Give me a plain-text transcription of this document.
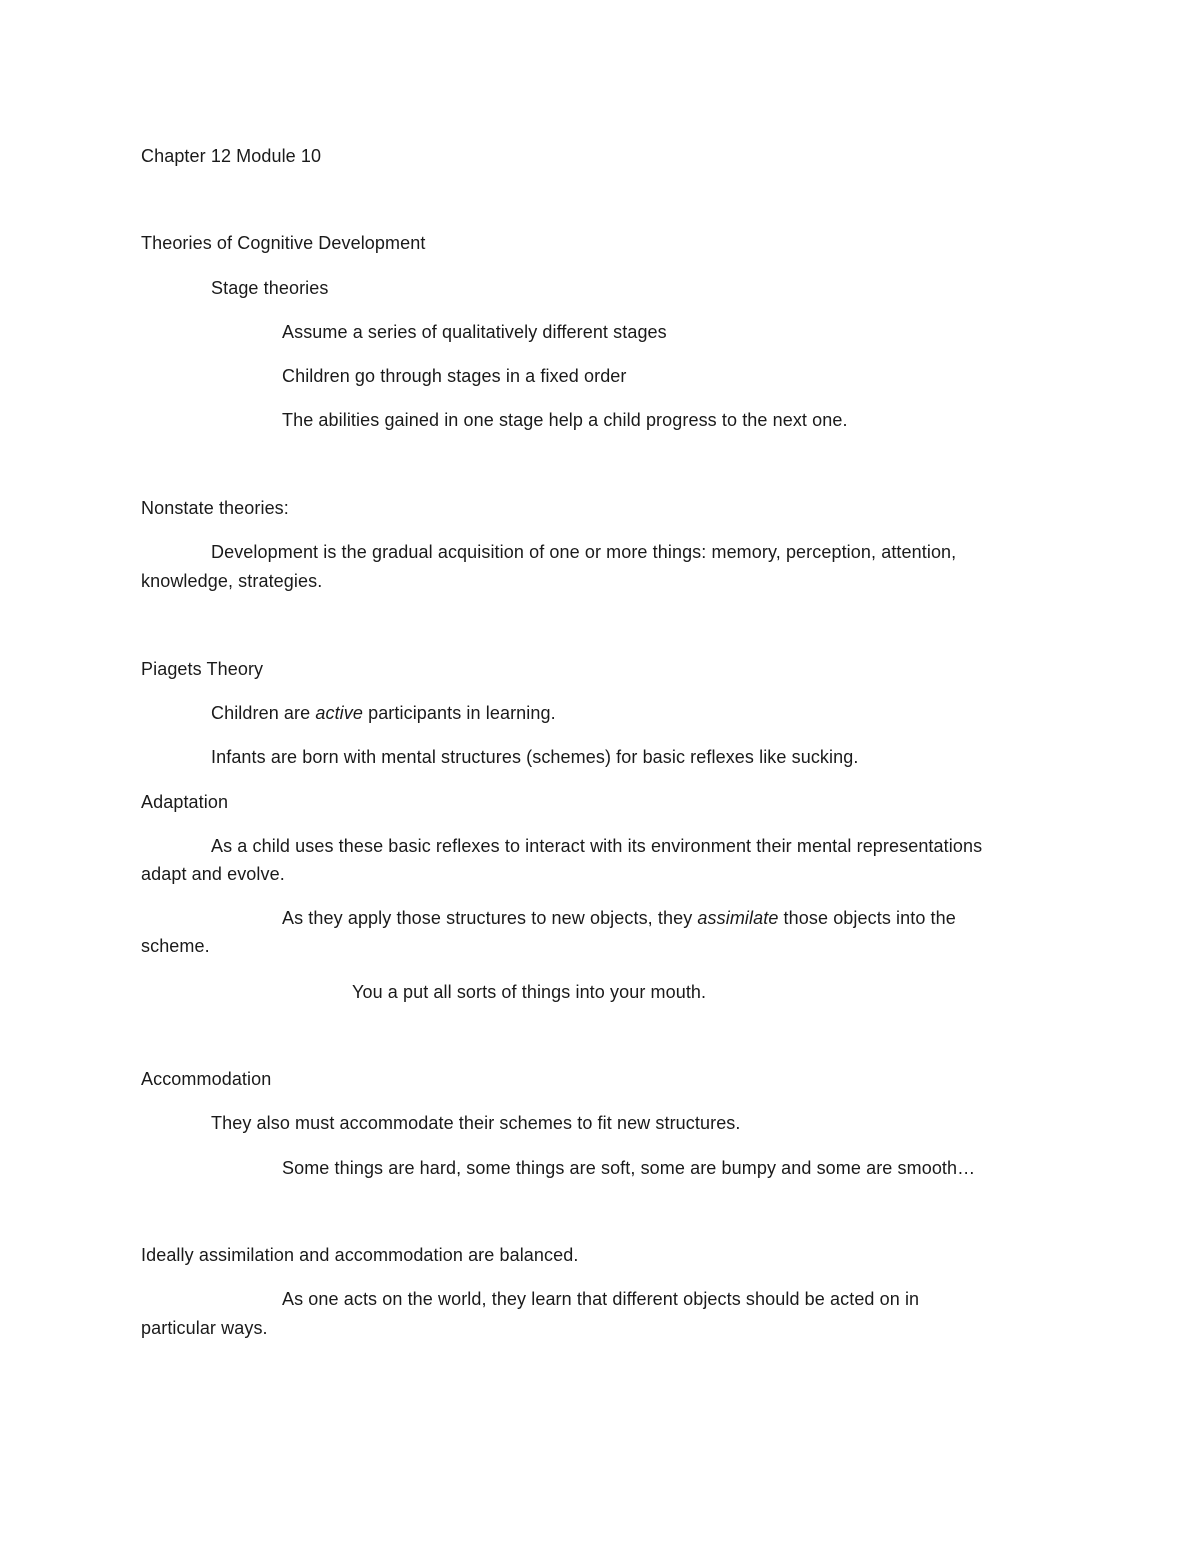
Chapter 12 Module 10

Theories of Cognitive Development

Stage theories

Assume a series of qualitatively different stages

Children go through stages in a fixed order

The abilities gained in one stage help a child progress to the next one.

Nonstate theories:

Development is the gradual acquisition of one or more things: memory, perception, attention,

knowledge, strategies.

Piagets Theory

Children are active participants in learning.

Infants are born with mental structures (schemes) for basic reflexes like sucking.

Adaptation

As a child uses these basic reflexes to interact with its environment their mental representations

adapt and evolve.

As they apply those structures to new objects, they assimilate those objects into the

scheme.

You a put all sorts of things into your mouth.

Accommodation

They also must accommodate their schemes to fit new structures.

Some things are hard, some things are soft, some are bumpy and some are smooth…

Ideally assimilation and accommodation are balanced.

As one acts on the world, they learn that different objects should be acted on in

particular ways.
